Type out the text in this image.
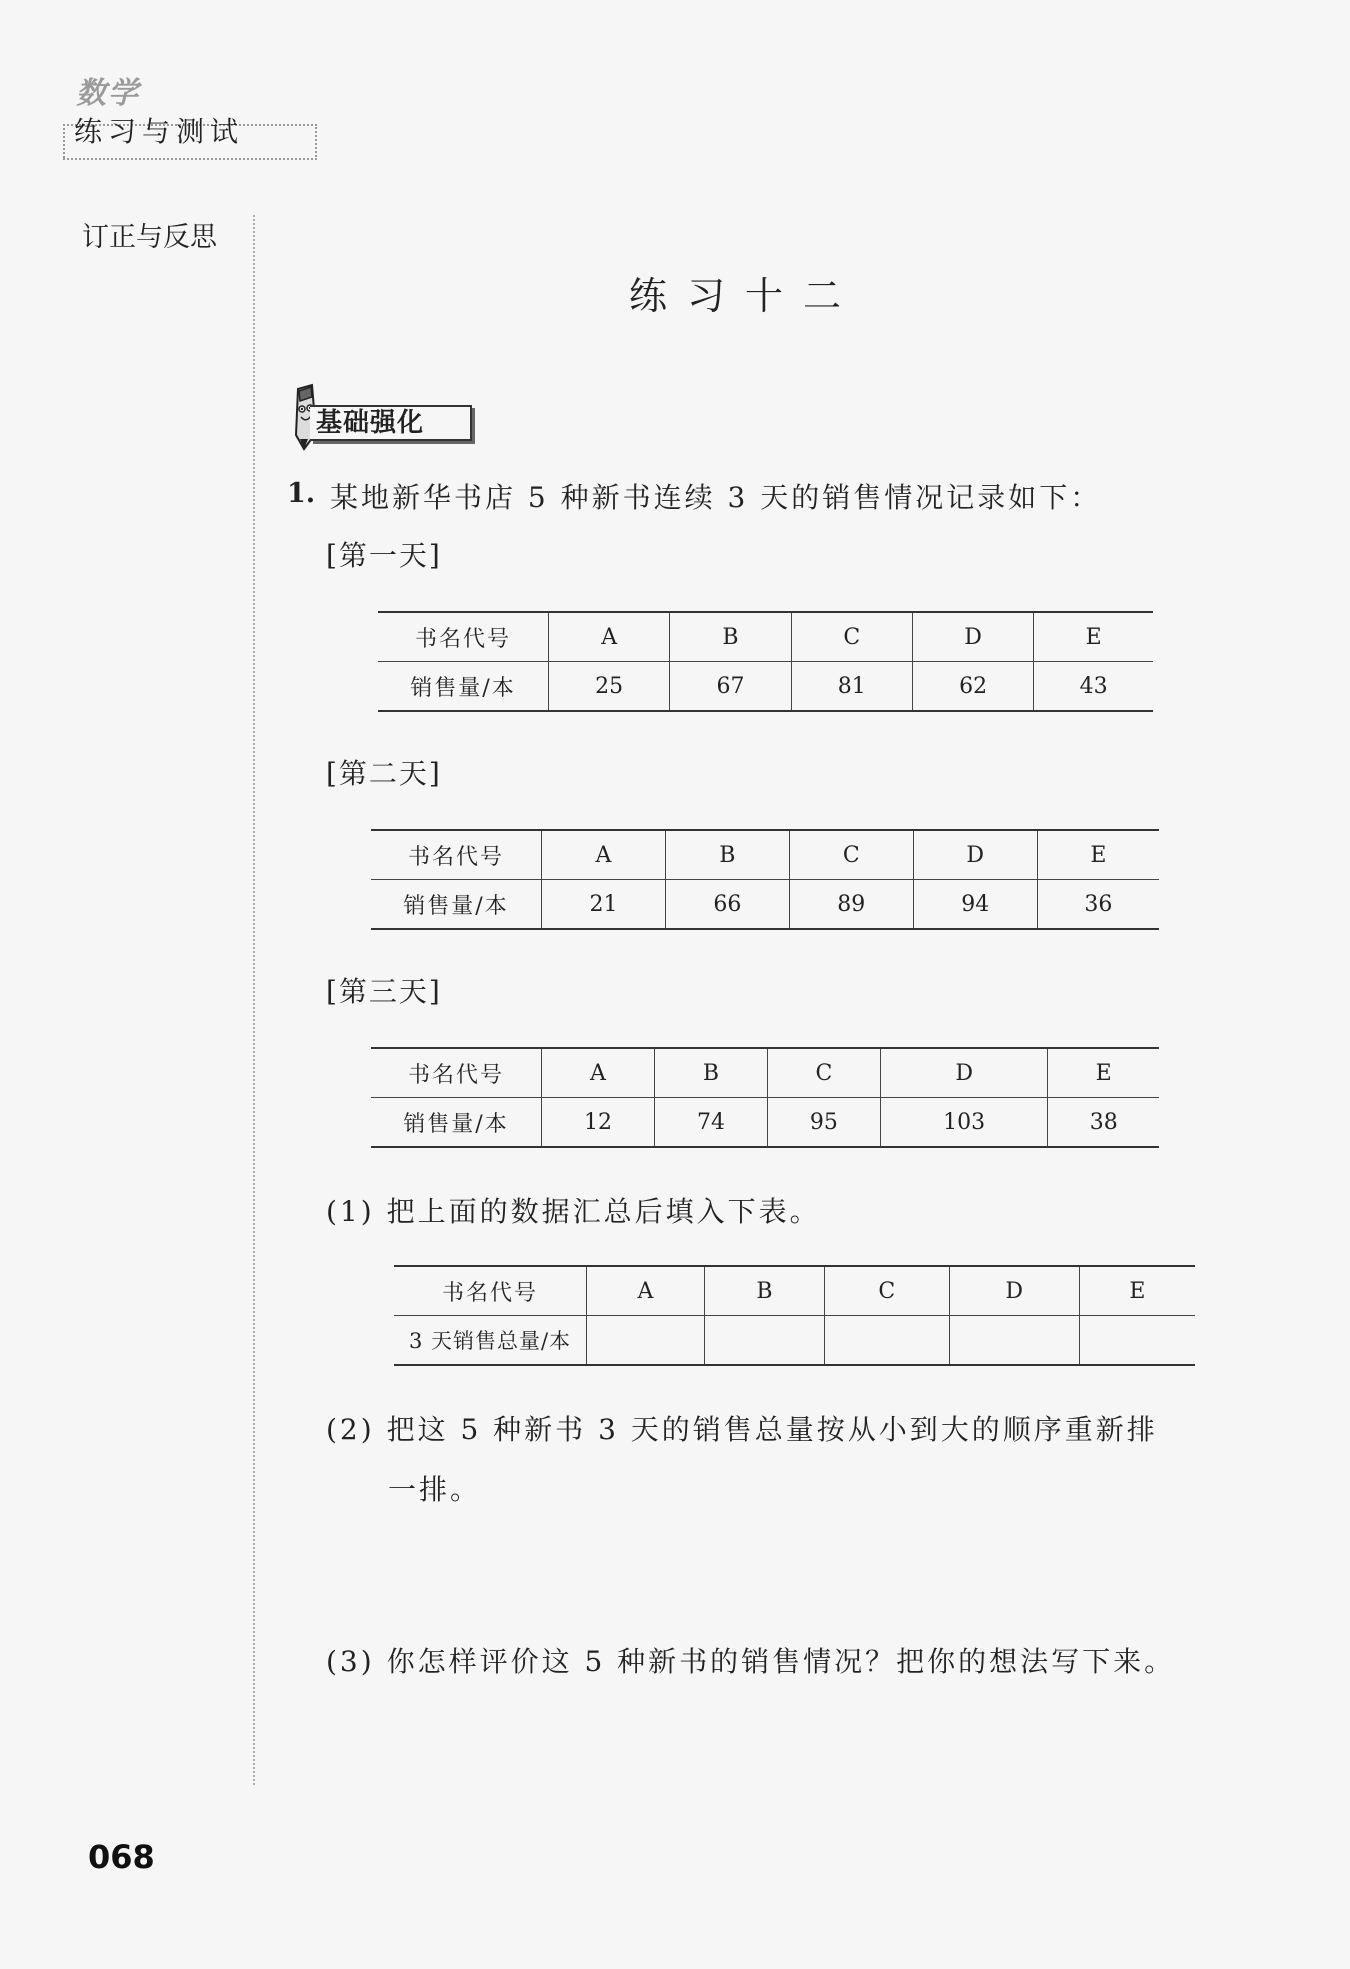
数学
练习与测试
订正与反思
练习十二
基础强化
1. 某地新华书店 5 种新书连续 3 天的销售情况记录如下：
[第一天]
书名代号	A	B	C	D	E
销售量/本	25	67	81	62	43
[第二天]
书名代号	A	B	C	D	E
销售量/本	21	66	89	94	36
[第三天]
书名代号	A	B	C	D	E
销售量/本	12	74	95	103	38
(1) 把上面的数据汇总后填入下表。
书名代号	A	B	C	D	E
3 天销售总量/本					
(2) 把这 5 种新书 3 天的销售总量按从小到大的顺序重新排
一排。
(3) 你怎样评价这 5 种新书的销售情况？把你的想法写下来。
068
